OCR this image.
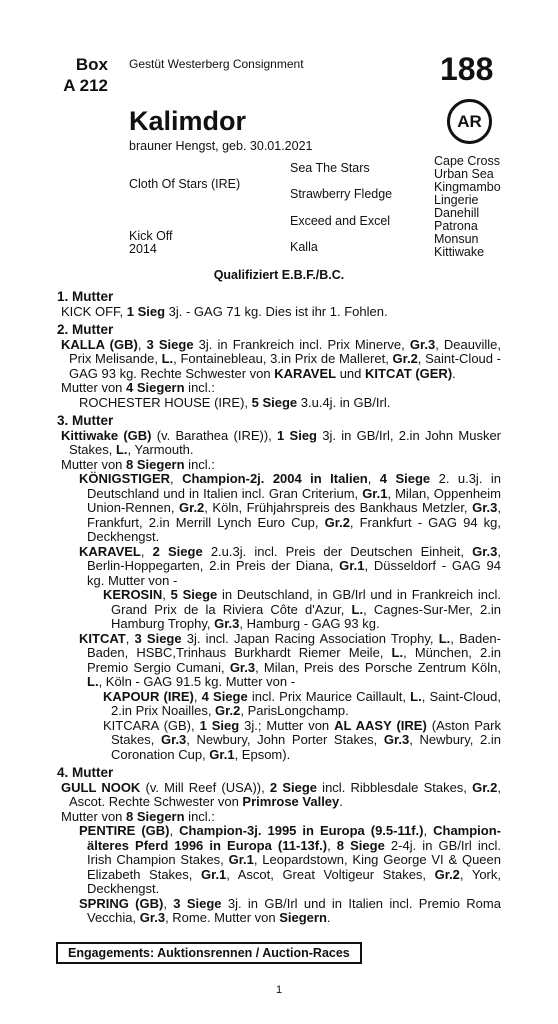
Box
A 212
Gestüt Westerberg Consignment	188
AR
Kalimdor
brauner Hengst, geb. 30.01.2021
Cloth Of Stars (IRE)
Kick Off
2014
Sea The Stars
Strawberry Fledge
Exceed and Excel
Kalla
Cape Cross
Urban Sea
Kingmambo
Lingerie
Danehill
Patrona
Monsun
Kittiwake
Qualifiziert E.B.F./B.C.

1. Mutter

KICK OFF, 1 Sieg 3j. - GAG 71 kg. Dies ist ihr 1. Fohlen.

2. Mutter

KALLA (GB), 3 Siege 3j. in Frankreich incl. Prix Minerve, Gr.3, Deauville, Prix Melisande, L., Fontainebleau, 3.in Prix de Malleret, Gr.2, Saint-Cloud - GAG 93 kg. Rechte Schwester von KARAVEL und KITCAT (GER).

Mutter von 4 Siegern incl.:

ROCHESTER HOUSE (IRE), 5 Siege 3.u.4j. in GB/Irl.

3. Mutter

Kittiwake (GB) (v. Barathea (IRE)), 1 Sieg 3j. in GB/Irl, 2.in John Musker Stakes, L., Yarmouth.

Mutter von 8 Siegern incl.:

KÖNIGSTIGER, Champion-2j. 2004 in Italien, 4 Siege 2. u.3j. in Deutschland und in Italien incl. Gran Criterium, Gr.1, Milan, Oppenheim Union-Rennen, Gr.2, Köln, Frühjahrspreis des Bankhaus Metzler, Gr.3, Frankfurt, 2.in Merrill Lynch Euro Cup, Gr.2, Frankfurt - GAG 94 kg, Deckhengst.

KARAVEL, 2 Siege 2.u.3j. incl. Preis der Deutschen Einheit, Gr.3, Berlin-Hoppegarten, 2.in Preis der Diana, Gr.1, Düsseldorf - GAG 94 kg. Mutter von -

KEROSIN, 5 Siege in Deutschland, in GB/Irl und in Frankreich incl. Grand Prix de la Riviera Côte d'Azur, L., Cagnes-Sur-Mer, 2.in Hamburg Trophy, Gr.3, Hamburg - GAG 93 kg.

KITCAT, 3 Siege 3j. incl. Japan Racing Association Trophy, L., Baden-Baden, HSBC,Trinhaus Burkhardt Riemer Meile, L., München, 2.in Premio Sergio Cumani, Gr.3, Milan, Preis des Porsche Zentrum Köln, L., Köln - GAG 91.5 kg. Mutter von -

KAPOUR (IRE), 4 Siege incl. Prix Maurice Caillault, L., Saint-Cloud, 2.in Prix Noailles, Gr.2, ParisLongchamp.

KITCARA (GB), 1 Sieg 3j.; Mutter von AL AASY (IRE) (Aston Park Stakes, Gr.3, Newbury, John Porter Stakes, Gr.3, Newbury, 2.in Coronation Cup, Gr.1, Epsom).

4. Mutter

GULL NOOK (v. Mill Reef (USA)), 2 Siege incl. Ribblesdale Stakes, Gr.2, Ascot. Rechte Schwester von Primrose Valley.

Mutter von 8 Siegern incl.:

PENTIRE (GB), Champion-3j. 1995 in Europa (9.5-11f.), Champion-älteres Pferd 1996 in Europa (11-13f.), 8 Siege 2-4j. in GB/Irl incl. Irish Champion Stakes, Gr.1, Leopardstown, King George VI & Queen Elizabeth Stakes, Gr.1, Ascot, Great Voltigeur Stakes, Gr.2, York, Deckhengst.

SPRING (GB), 3 Siege 3j. in GB/Irl und in Italien incl. Premio Roma Vecchia, Gr.3, Rome. Mutter von Siegern.

Engagements: Auktionsrennen / Auction-Races
1
